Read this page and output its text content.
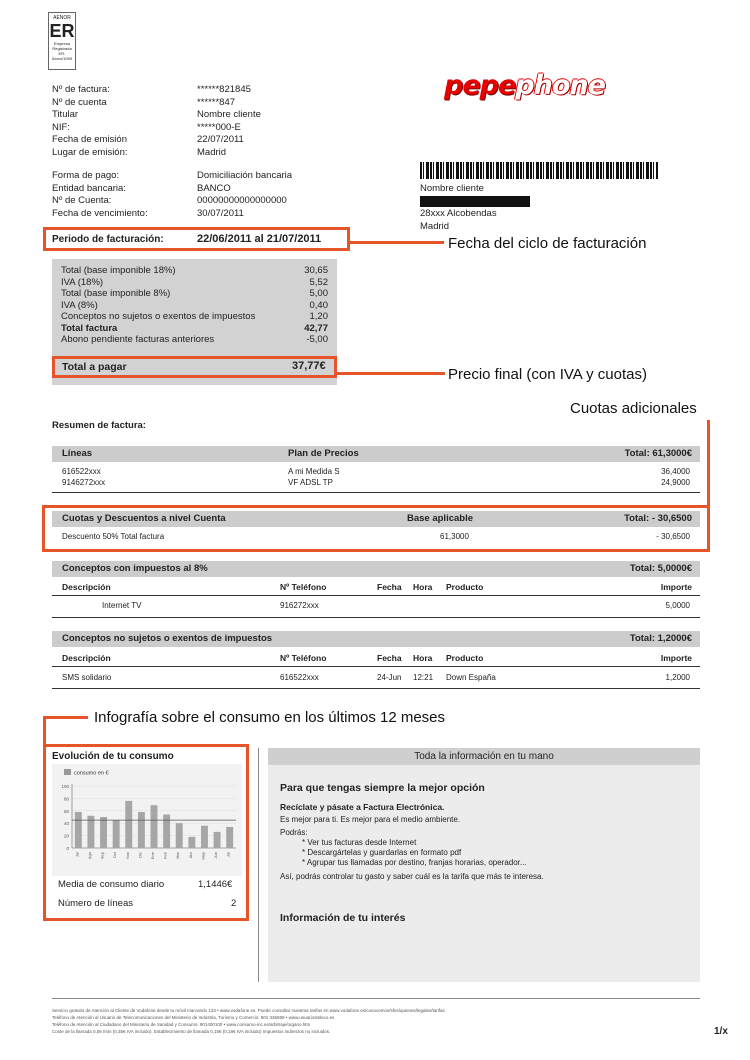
AENOR
ER
Empresa
Registrada
ER-0xxxx/1999
pepephone
Nº de factura:	******821845
Nº de cuenta	******847
Titular	Nombre cliente
NIF:	*****000-E
Fecha de emisión	22/07/2011
Lugar de emisión:	Madrid
Forma de pago:	Domiciliación bancaria
Entidad bancaria:	BANCO
Nº de Cuenta:	00000000000000000
Fecha de vencimiento:	30/07/2011
Nombre cliente
28xxx Alcobendas
Madrid
Periodo de facturación:	22/06/2011 al 21/07/2011	Fecha del ciclo de facturación
Total (base imponible 18%)	30,65
IVA (18%)	5,52
Total (base imponible 8%)	5,00
IVA (8%)	0,40
Conceptos no sujetos o exentos de impuestos	1,20
Total factura	42,77
Abono pendiente facturas anteriores	-5,00
Total a pagar	37,77€	Precio final (con IVA y cuotas)
Cuotas adicionales
Resumen de factura:
Líneas	Plan de Precios	Total: 61,3000€
616522xxx	A mi Medida S	36,4000
9146272xxx	VF ADSL TP	24,9000
Cuotas y Descuentos a nivel Cuenta	Base aplicable	Total: - 30,6500
Descuento 50% Total factura	61,3000	- 30,6500
Conceptos con impuestos al 8%	Total: 5,0000€
Descripción	Nº Teléfono	Fecha Hora Producto	Importe
Internet TV	916272xxx	5,0000
Conceptos no sujetos o exentos de impuestos	Total: 1,2000€
Descripción	Nº Teléfono	Fecha Hora Producto	Importe
SMS solidario	616522xxx	24-Jun 12:21 Down España	1,2000
Infografía sobre el consumo en los últimos 12 meses
Evolución de tu consumo
consumo en €
100
80
60
40
20
0
Jul Ago Sep Oct Nov Dic Ene Feb Mar Abr May Jun Jul
Media de consumo diario	1,1446€
Número de líneas	2
Toda la información en tu mano
Para que tengas siempre la mejor opción
Recíclate y pásate a Factura Electrónica.
Es mejor para ti. Es mejor para el medio ambiente.
Podrás:
* Ver tus facturas desde Internet
* Descargártelas y guardarlas en formato pdf
* Agrupar tus llamadas por destino, franjas horarias, operador...
Así, podrás controlar tu gasto y saber cuál es la tarifa que más te interesa.
Información de tu interés
Servicio gratuito de Atención al Cliente de Vodafone desde tu móvil marcando 123 • www.vodafone.es. Puede consultar nuestras tarifas en www.vodafone.es/conocemos/sfes/quienes/legales/tarifas
Teléfono de Atención al Usuario de Telecomunicaciones del Ministerio de Industria, Turismo y Comercio: 901 336699 • www.usuariosteleco.es
Teléfono de Atención al Ciudadano del Ministerio de Sanidad y Consumo: 901400100 • www.consumo-inc.es/arbitraje/organo.htm
Coste de la llamada 0,06 /min (0,35€ IVA incluido). Establecimiento de llamada 0,15€ (0,18€ IVA incluido) Impuestos indirectos no incluidos.	1/x
